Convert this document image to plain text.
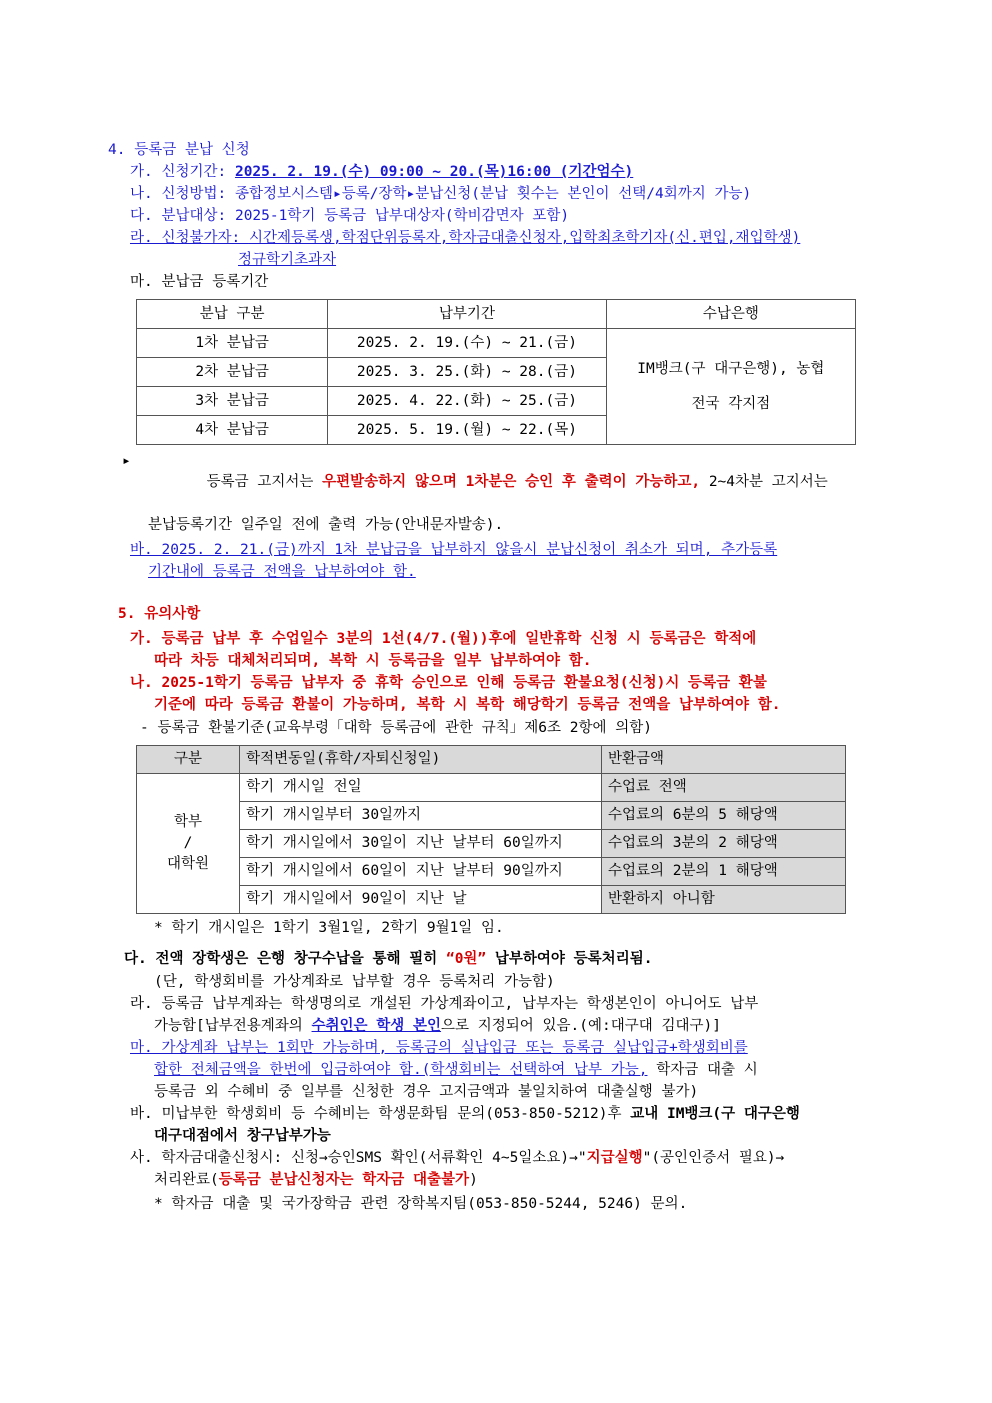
4. 등록금 분납 신청
가. 신청기간: 2025. 2. 19.(수) 09:00 ~ 20.(목)16:00 (기간엄수)
나. 신청방법: 종합정보시스템▸등록/장학▸분납신청(분납 횟수는 본인이 선택/4회까지 가능)
다. 분납대상: 2025-1학기 등록금 납부대상자(학비감면자 포함)
라. 신청불가자: 시간제등록생,학점단위등록자,학자금대출신청자,입학최초학기자(신.편입,재입학생)
정규학기초과자
마. 분납금 등록기간
분납 구분	납부기간	수납은행
1차 분납금	2025. 2. 19.(수) ~ 21.(금)	IM뱅크(구 대구은행), 농협
전국 각지점

2차 분납금	2025. 3. 25.(화) ~ 28.(금)	
3차 분납금	2025. 4. 22.(화) ~ 25.(금)	
4차 분납금	2025. 5. 19.(월) ~ 22.(목)	
▸

등록금 고지서는 우편발송하지 않으며 1차분은 승인 후 출력이 가능하고, 2~4차분 고지서는

분납등록기간 일주일 전에 출력 가능(안내문자발송).
바. 2025. 2. 21.(금)까지 1차 분납금을 납부하지 않을시 분납신청이 취소가 되며, 추가등록
기간내에 등록금 전액을 납부하여야 함.
5. 유의사항
가. 등록금 납부 후 수업일수 3분의 1선(4/7.(월))후에 일반휴학 신청 시 등록금은 학적에
따라 차등 대체처리되며, 복학 시 등록금을 일부 납부하여야 함.
나. 2025-1학기 등록금 납부자 중 휴학 승인으로 인해 등록금 환불요청(신청)시 등록금 환불
기준에 따라 등록금 환불이 가능하며, 복학 시 복학 해당학기 등록금 전액을 납부하여야 함.
- 등록금 환불기준(교육부령「대학 등록금에 관한 규칙」제6조 2항에 의함)
구분	학적변동일(휴학/자퇴신청일)	반환금액

학부
/
대학원	학기 개시일 전일	수업료 전액
	학기 개시일부터 30일까지	수업료의 6분의 5 해당액
	학기 개시일에서 30일이 지난 날부터 60일까지	수업료의 3분의 2 해당액
	학기 개시일에서 60일이 지난 날부터 90일까지	수업료의 2분의 1 해당액
	학기 개시일에서 90일이 지난 날	반환하지 아니함
* 학기 개시일은 1학기 3월1일, 2학기 9월1일 임.
다. 전액 장학생은 은행 창구수납을 통해 필히 “0원” 납부하여야 등록처리됨.
(단, 학생회비를 가상계좌로 납부할 경우 등록처리 가능함)
라. 등록금 납부계좌는 학생명의로 개설된 가상계좌이고, 납부자는 학생본인이 아니어도 납부
가능함[납부전용계좌의 수취인은 학생 본인 으로 지정되어 있음.(예:대구대 김대구)]
마. 가상계좌 납부는 1회만 가능하며, 등록금의 실납입금 또는 등록금 실납입금+학생회비를
합한 전체금액을 한번에 입금하여야 함.(학생회비는 선택하여 납부 가능, 학자금 대출 시
등록금 외 수혜비 중 일부를 신청한 경우 고지금액과 불일치하여 대출실행 불가)
바. 미납부한 학생회비 등 수혜비는 학생문화팀 문의(053-850-5212)후 교내 IM뱅크(구 대구은행
대구대점에서 창구납부가능
사. 학자금대출신청시: 신청→승인SMS 확인(서류확인 4~5일소요)→" 지급실행 "(공인인증서 필요)→
처리완료( 등록금 분납신청자는 학자금 대출불가 )
* 학자금 대출 및 국가장학금 관련 장학복지팀(053-850-5244, 5246) 문의.
